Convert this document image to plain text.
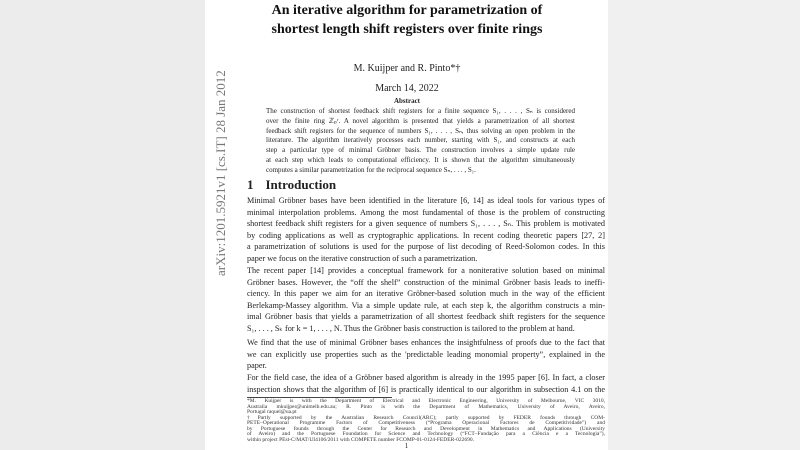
arXiv:1201.5921v1 [cs.IT] 28 Jan 2012
An iterative algorithm for parametrization of
shortest length shift registers over finite rings
M. Kuijper and R. Pinto*†
March 14, 2022
Abstract
The construction of shortest feedback shift registers for a finite sequence S₁, . . . , Sₙ is considered
over the finite ring ℤₚʳ. A novel algorithm is presented that yields a parametrization of all shortest
feedback shift registers for the sequence of numbers S₁, . . . , Sₙ, thus solving an open problem in the
literature. The algorithm iteratively processes each number, starting with S₁, and constructs at each
step a particular type of minimal Gröbner basis. The construction involves a simple update rule
at each step which leads to computational efficiency. It is shown that the algorithm simultaneously
computes a similar parametrization for the reciprocal sequence Sₙ, . . . , S₁.
1 Introduction
Minimal Gröbner bases have been identified in the literature [6, 14] as ideal tools for various types of
minimal interpolation problems. Among the most fundamental of those is the problem of constructing
shortest feedback shift registers for a given sequence of numbers S₁, . . . , Sₙ. This problem is motivated
by coding applications as well as cryptographic applications. In recent coding theoretic papers [27, 2]
a parametrization of solutions is used for the purpose of list decoding of Reed-Solomon codes. In this
paper we focus on the iterative construction of such a parametrization.
The recent paper [14] provides a conceptual framework for a noniterative solution based on minimal
Gröbner bases. However, the “off the shelf” construction of the minimal Gröbner basis leads to ineffi-
ciency. In this paper we aim for an iterative Gröbner-based solution much in the way of the efficient
Berlekamp-Massey algorithm. Via a simple update rule, at each step k, the algorithm constructs a min-
imal Gröbner basis that yields a parametrization of all shortest feedback shift registers for the sequence
S₁, . . . , Sₖ for k = 1, . . . , N. Thus the Gröbner basis construction is tailored to the problem at hand.
We find that the use of minimal Gröbner bases enhances the insightfulness of proofs due to the fact that
we can explicitly use properties such as the 'predictable leading monomial property”, explained in the
paper.
For the field case, the idea of a Gröbner based algorithm is already in the 1995 paper [6]. In fact, a closer
inspection shows that the algorithm of [6] is practically identical to our algorithm in subsection 4.1 on the
*M. Kuijper is with the Department of Electrical and Electronic Engineering, University of Melbourne, VIC 3010,
Australia mkuijper@unimelb.edu.au; R. Pinto is with the Department of Mathematics, University of Aveiro, Aveiro,
Portugal raquel@ua.pt
†Partly supported by the Australian Research Council(ARC); partly supported by FEDER founds through COM-
PETE–Operational Programme Factors of Competitiveness (“Programa Operacional Factores de Competitividade”) and
by Portuguese founds through the Center for Research and Development in Mathematics and Applications (University
of Aveiro) and the Portuguese Foundation for Science and Technology (“FCT–Fundação para a Ciência e a Tecnologia”),
within project PEst-C/MAT/UI4106/2011 with COMPETE number FCOMP-01-0124-FEDER-022690.
1
